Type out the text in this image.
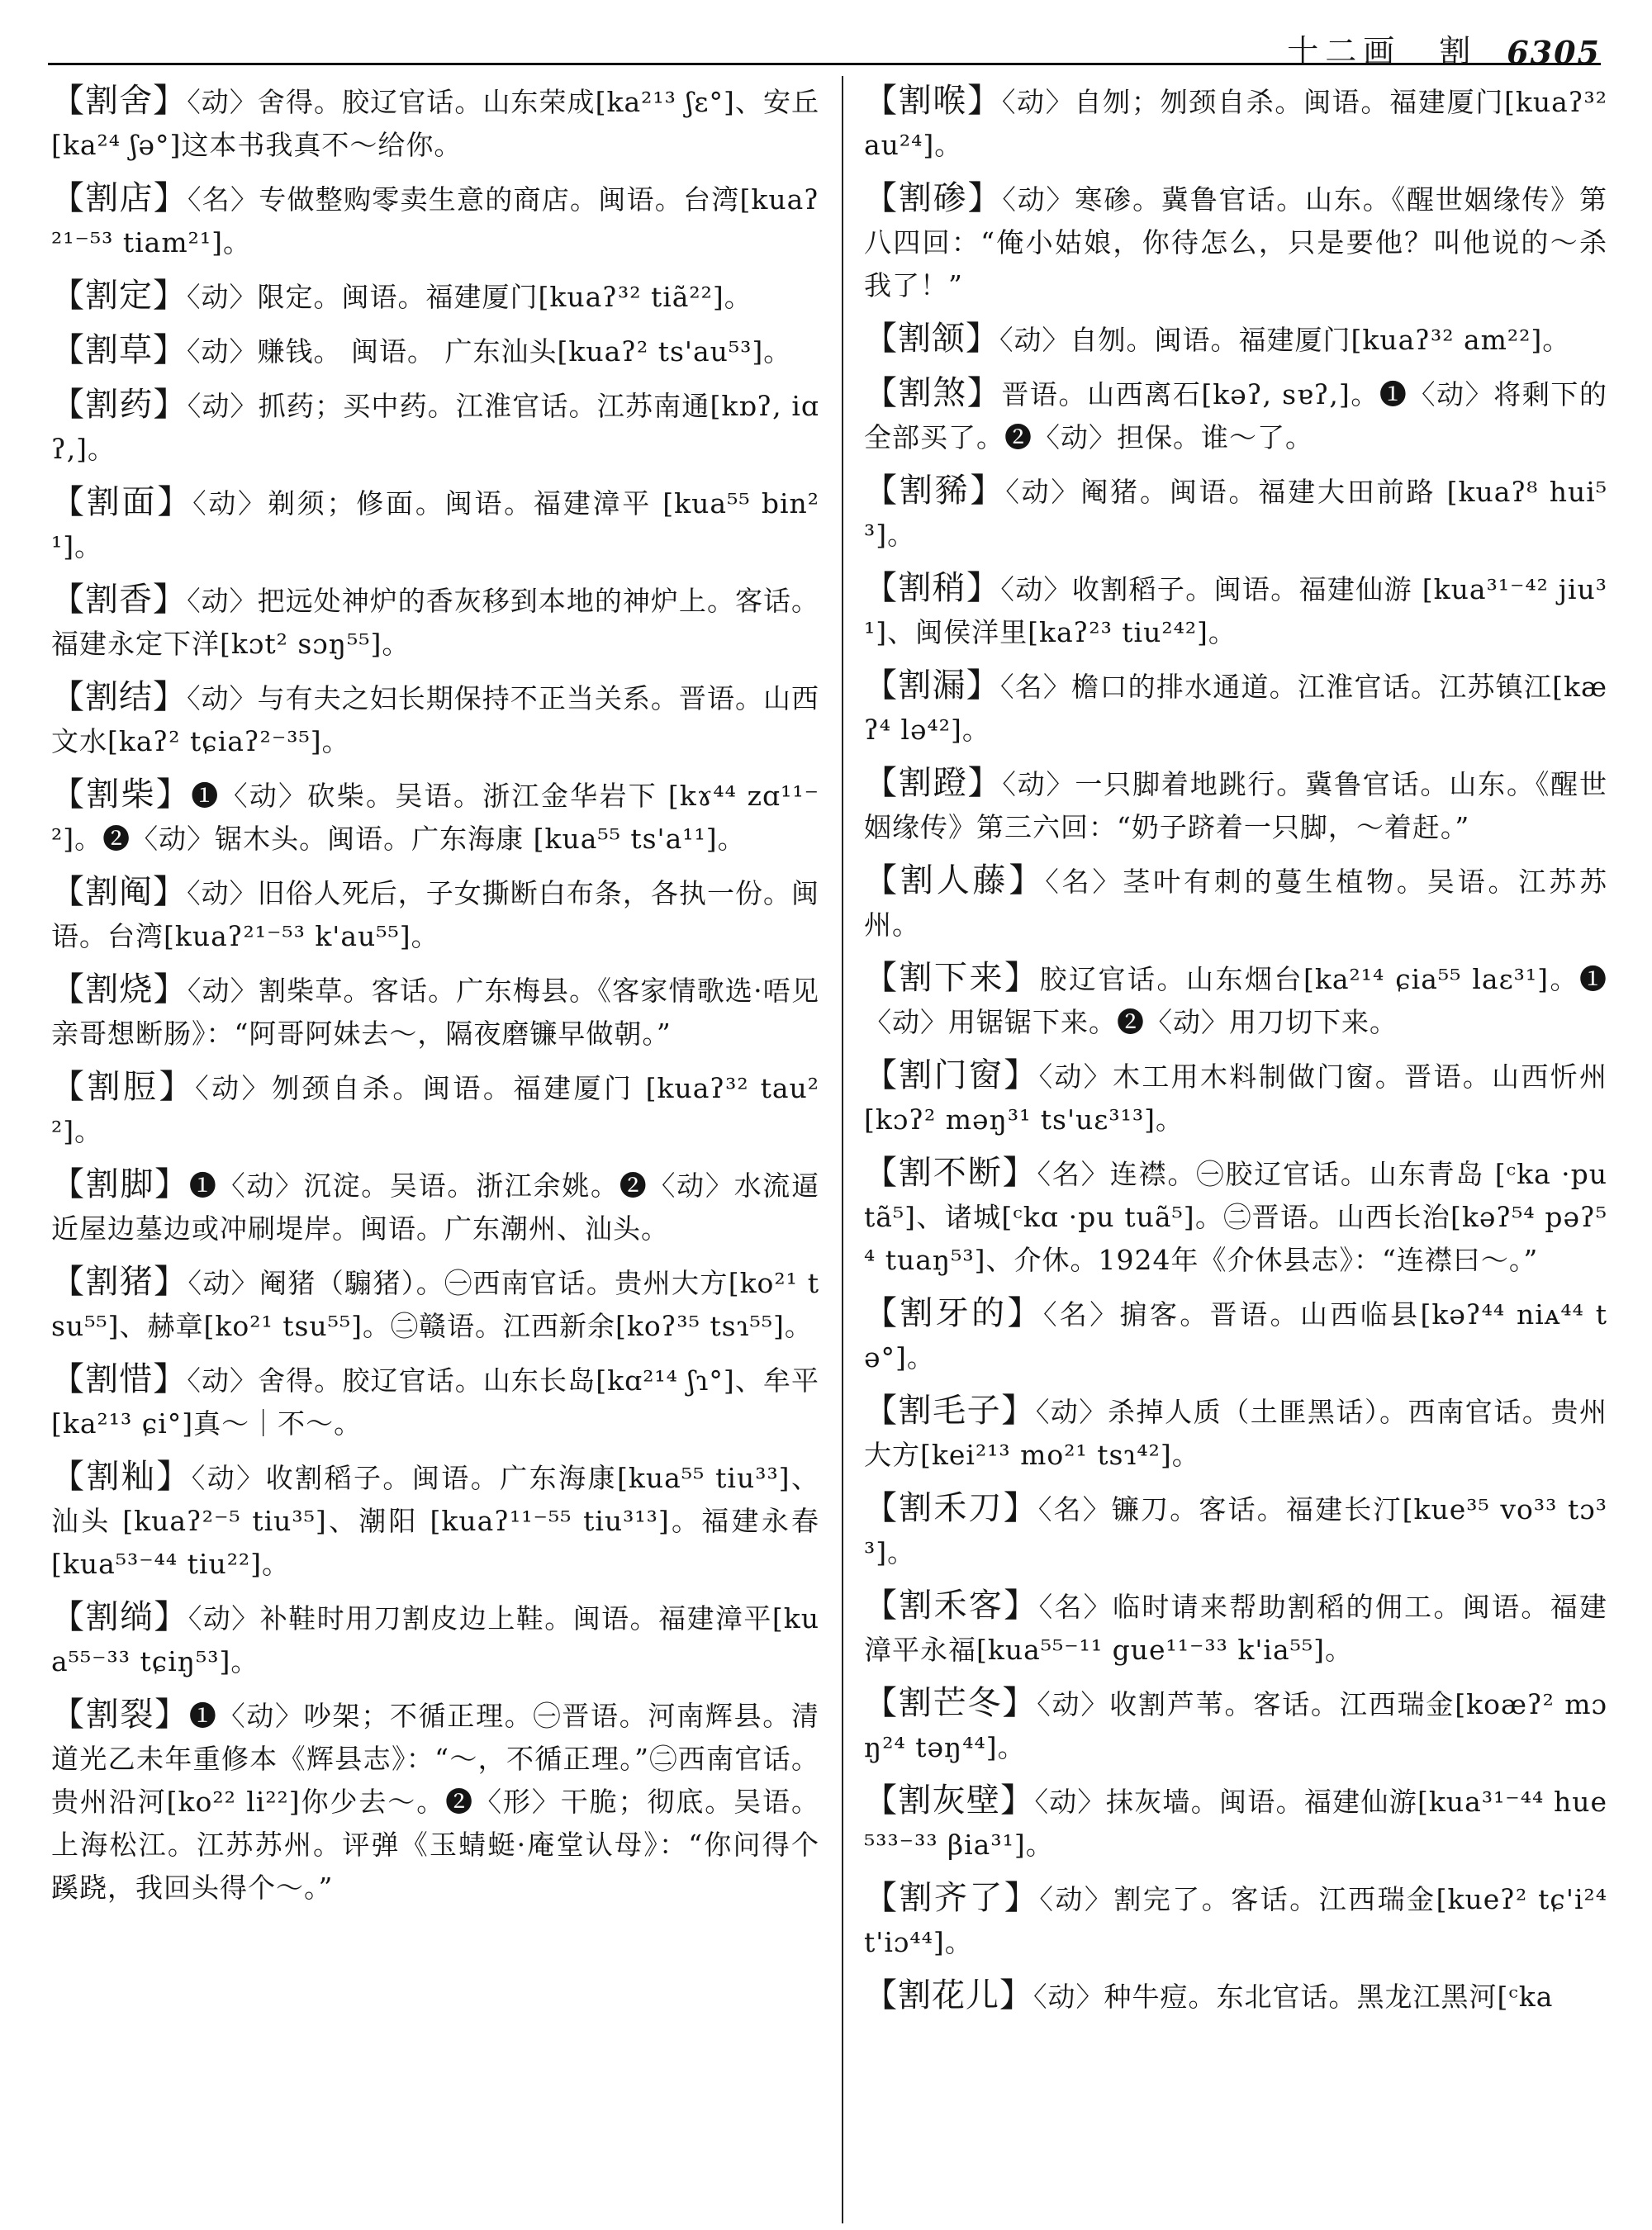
十二画　割 6305

【割舍】〈动〉舍得。胶辽官话。山东荣成[ka²¹³ ʃɛ°]、安丘[ka²⁴ ʃə°]这本书我真不～给你。

【割店】〈名〉专做整购零卖生意的商店。闽语。台湾[kuaʔ²¹⁻⁵³ tiam²¹]。

【割定】〈动〉限定。闽语。福建厦门[kuaʔ³² tiã²²]。

【割草】〈动〉赚钱。 闽语。 广东汕头[kuaʔ² ts'au⁵³]。

【割药】〈动〉抓药；买中药。江淮官话。江苏南通[kɒʔ, iɑʔ,]。

【割面】〈动〉剃须；修面。闽语。福建漳平 [kua⁵⁵ bin²¹]。

【割香】〈动〉把远处神炉的香灰移到本地的神炉上。客话。福建永定下洋[kɔt² sɔŋ⁵⁵]。

【割结】〈动〉与有夫之妇长期保持不正当关系。晋语。山西文水[kaʔ² tɕiaʔ²⁻³⁵]。

【割柴】❶〈动〉砍柴。吴语。浙江金华岩下 [kɤ⁴⁴ zɑ¹¹⁻²]。❷〈动〉锯木头。闽语。广东海康 [kua⁵⁵ ts'a¹¹]。

【割阄】〈动〉旧俗人死后，子女撕断白布条，各执一份。闽语。台湾[kuaʔ²¹⁻⁵³ k'au⁵⁵]。

【割烧】〈动〉割柴草。客话。广东梅县。《客家情歌选·唔见亲哥想断肠》：“阿哥阿妹去～，隔夜磨镰早做朝。”

【割脰】〈动〉刎颈自杀。闽语。福建厦门 [kuaʔ³² tau²²]。

【割脚】❶〈动〉沉淀。吴语。浙江余姚。❷〈动〉水流逼近屋边墓边或冲刷堤岸。闽语。广东潮州、汕头。

【割猪】〈动〉阉猪（騸猪）。㊀西南官话。贵州大方[ko²¹ tsu⁵⁵]、赫章[ko²¹ tsu⁵⁵]。㊁赣语。江西新余[koʔ³⁵ tsɿ⁵⁵]。

【割惜】〈动〉舍得。胶辽官话。山东长岛[kɑ²¹⁴ ʃɿ°]、牟平[ka²¹³ ɕi°]真～｜不～。

【割籼】〈动〉收割稻子。闽语。广东海康[kua⁵⁵ tiu³³]、汕头 [kuaʔ²⁻⁵ tiu³⁵]、潮阳 [kuaʔ¹¹⁻⁵⁵ tiu³¹³]。福建永春[kua⁵³⁻⁴⁴ tiu²²]。

【割绱】〈动〉补鞋时用刀割皮边上鞋。闽语。福建漳平[kua⁵⁵⁻³³ tɕiŋ⁵³]。

【割裂】❶〈动〉吵架；不循正理。㊀晋语。河南辉县。清道光乙未年重修本《辉县志》：“～，不循正理。”㊁西南官话。贵州沿河[ko²² li²²]你少去～。❷〈形〉干脆；彻底。吴语。上海松江。江苏苏州。评弹《玉蜻蜓·庵堂认母》：“你问得个蹊跷，我回头得个～。”

【割喉】〈动〉自刎；刎颈自杀。闽语。福建厦门[kuaʔ³² au²⁴]。

【割碜】〈动〉寒碜。冀鲁官话。山东。《醒世姻缘传》第八四回：“俺小姑娘，你待怎么，只是要他？叫他说的～杀我了！”

【割颔】〈动〉自刎。闽语。福建厦门[kuaʔ³² am²²]。

【割煞】晋语。山西离石[kəʔ, sɐʔ,]。❶〈动〉将剩下的全部买了。❷〈动〉担保。谁～了。

【割豨】〈动〉阉猪。闽语。福建大田前路 [kuaʔ⁸ hui⁵³]。

【割稍】〈动〉收割稻子。闽语。福建仙游 [kua³¹⁻⁴² jiu³¹]、闽侯洋里[kaʔ²³ tiu²⁴²]。

【割漏】〈名〉檐口的排水通道。江淮官话。江苏镇江[kæʔ⁴ lə⁴²]。

【割蹬】〈动〉一只脚着地跳行。冀鲁官话。山东。《醒世姻缘传》第三六回：“奶子跻着一只脚，～着赶。”

【割人藤】〈名〉茎叶有刺的蔓生植物。吴语。江苏苏州。

【割下来】胶辽官话。山东烟台[ka²¹⁴ ɕia⁵⁵ laɛ³¹]。❶〈动〉用锯锯下来。❷〈动〉用刀切下来。

【割门窗】〈动〉木工用木料制做门窗。晋语。山西忻州[kɔʔ² məŋ³¹ ts'uɛ³¹³]。

【割不断】〈名〉连襟。㊀胶辽官话。山东青岛 [ᶜka ·pu tã⁵]、诸城[ᶜkɑ ·pu tuã⁵]。㊁晋语。山西长治[kəʔ⁵⁴ pəʔ⁵⁴ tuaŋ⁵³]、介休。1924年《介休县志》：“连襟曰～。”

【割牙的】〈名〉掮客。晋语。山西临县[kəʔ⁴⁴ niᴀ⁴⁴ tə°]。

【割毛子】〈动〉杀掉人质（土匪黑话）。西南官话。贵州大方[kei²¹³ mo²¹ tsɿ⁴²]。

【割禾刀】〈名〉镰刀。客话。福建长汀[kue³⁵ vo³³ tɔ³³]。

【割禾客】〈名〉临时请来帮助割稻的佣工。闽语。福建漳平永福[kua⁵⁵⁻¹¹ gue¹¹⁻³³ k'ia⁵⁵]。

【割芒冬】〈动〉收割芦苇。客话。江西瑞金[koæʔ² mɔŋ²⁴ təŋ⁴⁴]。

【割灰壁】〈动〉抹灰墙。闽语。福建仙游[kua³¹⁻⁴⁴ hue⁵³³⁻³³ βia³¹]。

【割齐了】〈动〉割完了。客话。江西瑞金[kueʔ² tɕ'i²⁴ t'iɔ⁴⁴]。

【割花儿】〈动〉种牛痘。东北官话。黑龙江黑河[ᶜka
